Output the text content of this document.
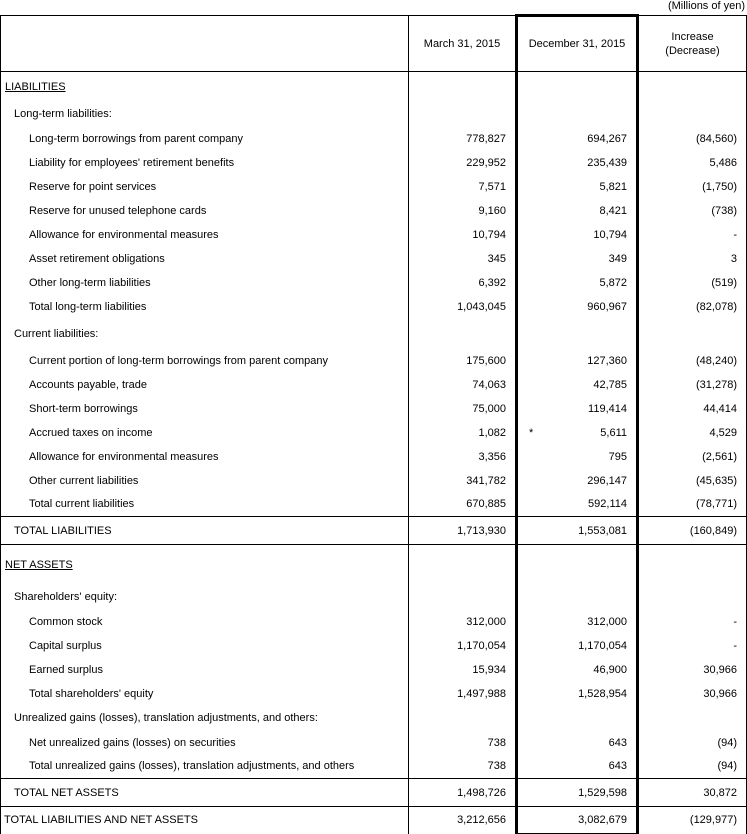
(Millions of yen)
	March 31, 2015	December 31, 2015	Increase
(Decrease)

LIABILITIES			
Long-term liabilities:			
Long-term borrowings from parent company	778,827	694,267	(84,560)
Liability for employees' retirement benefits	229,952	235,439	5,486
Reserve for point services	7,571	5,821	(1,750)
Reserve for unused telephone cards	9,160	8,421	(738)
Allowance for environmental measures	10,794	10,794	-
Asset retirement obligations	345	349	3
Other long-term liabilities	6,392	5,872	(519)
Total long-term liabilities	1,043,045	960,967	(82,078)
Current liabilities:			
Current portion of long-term borrowings from parent company	175,600	127,360	(48,240)
Accounts payable, trade	74,063	42,785	(31,278)
Short-term borrowings	75,000	119,414	44,414
Accrued taxes on income	1,082	* 5,611	4,529
Allowance for environmental measures	3,356	795	(2,561)
Other current liabilities	341,782	296,147	(45,635)
Total current liabilities	670,885	592,114	(78,771)
TOTAL LIABILITIES	1,713,930	1,553,081	(160,849)
NET ASSETS			
Shareholders' equity:			
Common stock	312,000	312,000	-
Capital surplus	1,170,054	1,170,054	-
Earned surplus	15,934	46,900	30,966
Total shareholders' equity	1,497,988	1,528,954	30,966
Unrealized gains (losses), translation adjustments, and others:			
Net unrealized gains (losses) on securities	738	643	(94)
Total unrealized gains (losses), translation adjustments, and others	738	643	(94)
TOTAL NET ASSETS	1,498,726	1,529,598	30,872
TOTAL LIABILITIES AND NET ASSETS	3,212,656	3,082,679	(129,977)
